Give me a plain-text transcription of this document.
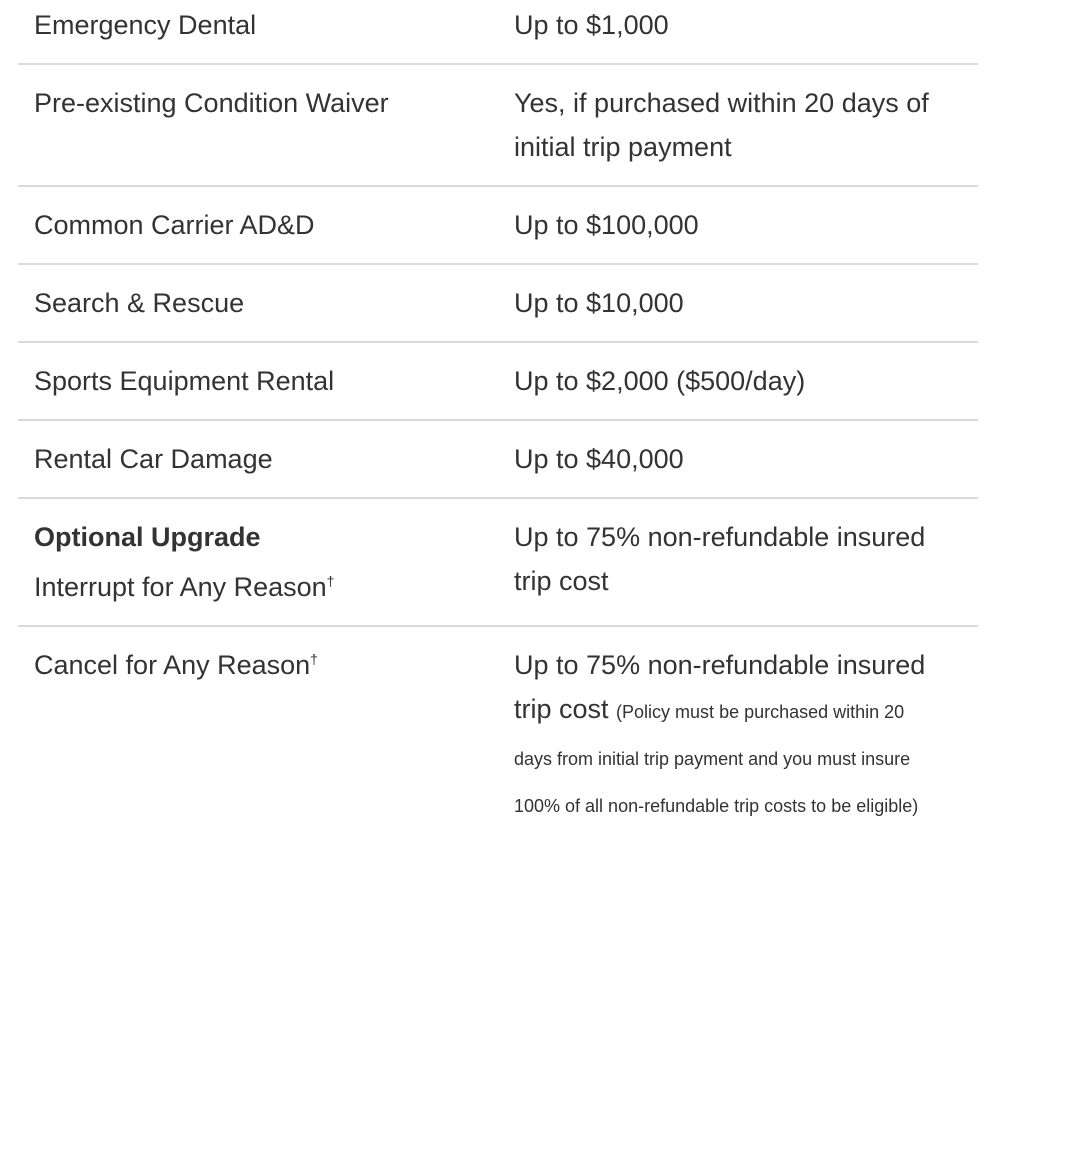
Emergency Dental	Up to $1,000

Pre-existing Condition Waiver	Yes, if purchased within 20 days of initial trip payment

Common Carrier AD&D	Up to $100,000

Search & Rescue	Up to $10,000

Sports Equipment Rental	Up to $2,000 ($500/day)

Rental Car Damage	Up to $40,000

Optional Upgrade

Interrupt for Any Reason†	Up to 75% non-refundable insured trip cost

Cancel for Any Reason†	Up to 75% non-refundable insured trip cost (Policy must be purchased within 20 days from initial trip payment and you must insure 100% of all non-refundable trip costs to be eligible)
